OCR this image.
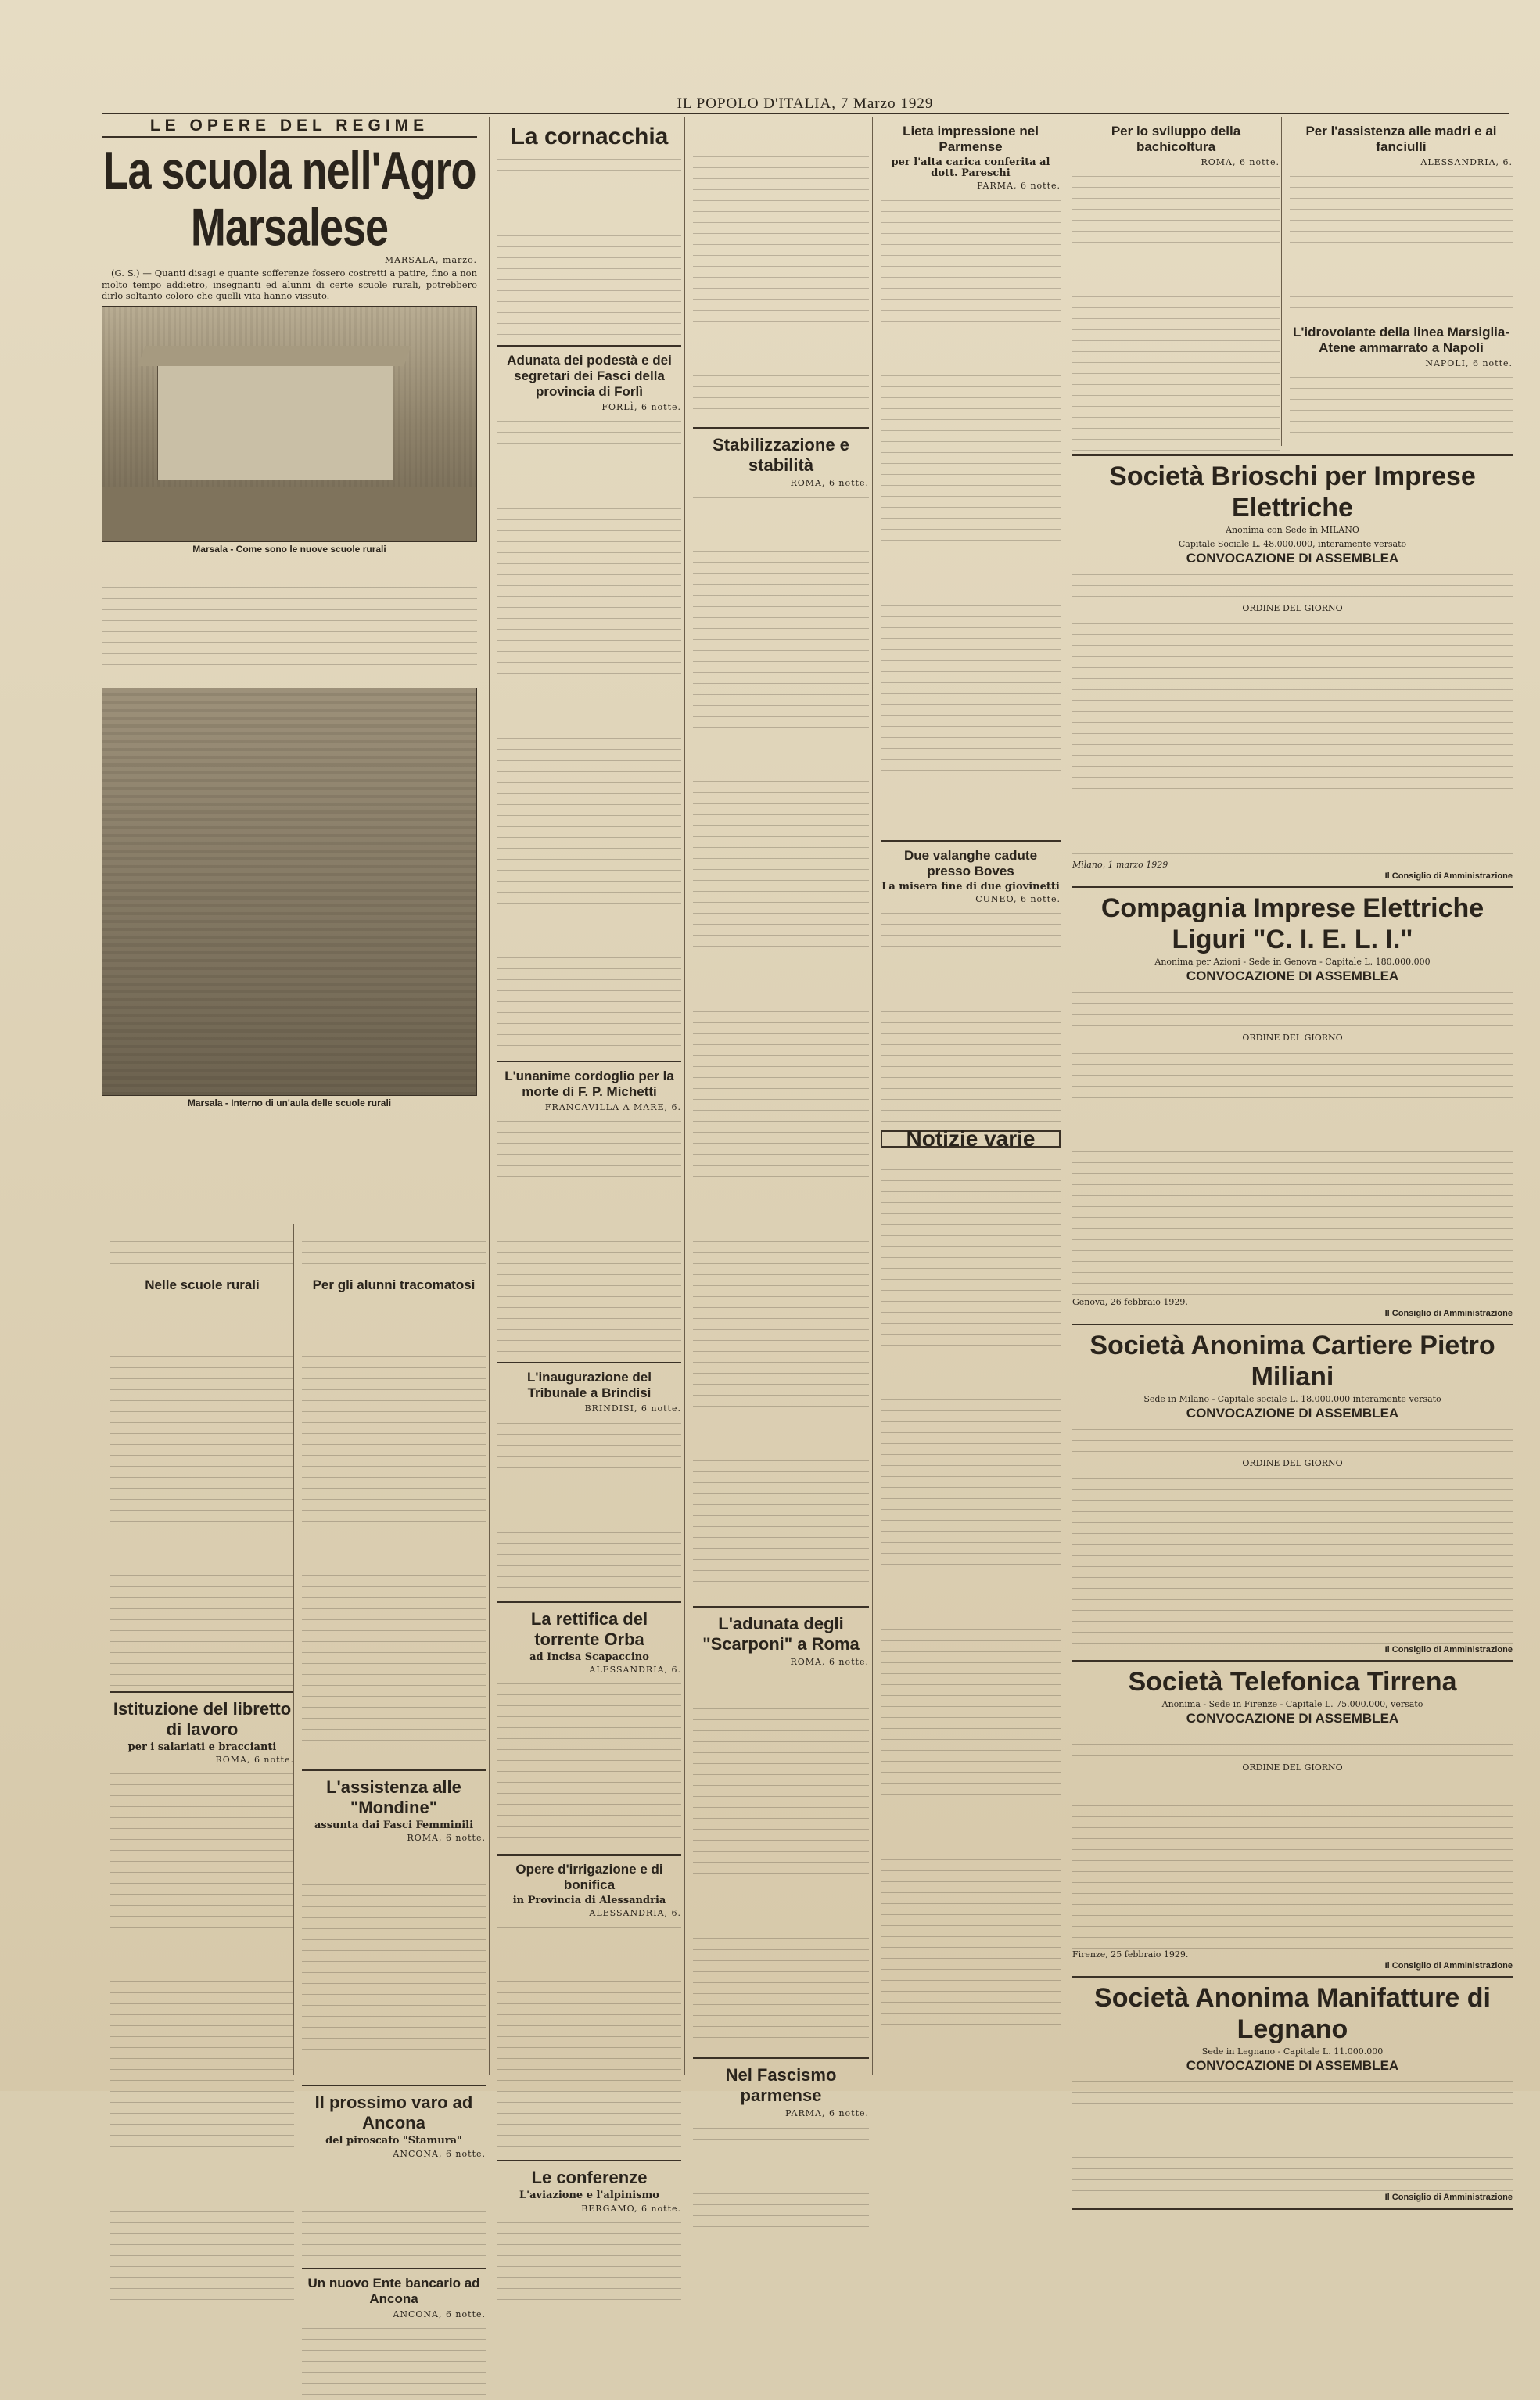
IL POPOLO D'ITALIA, 7 Marzo 1929
LE OPERE DEL REGIME
La scuola nell'Agro Marsalese
MARSALA, marzo.

(G. S.) — Quanti disagi e quante sofferenze fossero costretti a patire, fino a non molto tempo addietro, insegnanti ed alunni di certe scuole rurali, potrebbero dirlo soltanto coloro che quelli vita hanno vissuto.

Marsala - Come sono le nuove scuole rurali
Marsala - Interno di un'aula delle scuole rurali
Nelle scuole rurali
Istituzione del libretto di lavoro
per i salariati e braccianti
ROMA, 6 notte.
Per gli alunni tracomatosi
L'assistenza alle "Mondine"
assunta dai Fasci Femminili
ROMA, 6 notte.
Il prossimo varo ad Ancona
del piroscafo "Stamura"
ANCONA, 6 notte.
Un nuovo Ente bancario ad Ancona
ANCONA, 6 notte.
La cornacchia
Adunata dei podestà e dei segretari dei Fasci della provincia di Forlì
FORLÌ, 6 notte.
L'unanime cordoglio per la morte di F. P. Michetti
FRANCAVILLA A MARE, 6.
L'inaugurazione del Tribunale a Brindisi
BRINDISI, 6 notte.
La rettifica del torrente Orba
ad Incisa Scapaccino
ALESSANDRIA, 6.
Opere d'irrigazione e di bonifica
in Provincia di Alessandria
ALESSANDRIA, 6.
Le conferenze
L'aviazione e l'alpinismo
BERGAMO, 6 notte.
Stabilizzazione e stabilità
ROMA, 6 notte.
L'adunata degli "Scarponi" a Roma
ROMA, 6 notte.
Nel Fascismo parmense
PARMA, 6 notte.
Lieta impressione nel Parmense
per l'alta carica conferita al dott. Pareschi
PARMA, 6 notte.
Due valanghe cadute presso Boves
La misera fine di due giovinetti
CUNEO, 6 notte.
Notizie varie
Per lo sviluppo della bachicoltura
ROMA, 6 notte.
Per l'assistenza alle madri e ai fanciulli
ALESSANDRIA, 6.
L'idrovolante della linea Marsiglia-Atene ammarrato a Napoli
NAPOLI, 6 notte.
Società Brioschi per Imprese Elettriche
Anonima con Sede in MILANO
Capitale Sociale L. 48.000.000, interamente versato
CONVOCAZIONE DI ASSEMBLEA
ORDINE DEL GIORNO
Milano, 1 marzo 1929
Il Consiglio di Amministrazione
Compagnia Imprese Elettriche Liguri "C. I. E. L. I."
Anonima per Azioni - Sede in Genova - Capitale L. 180.000.000
CONVOCAZIONE DI ASSEMBLEA
ORDINE DEL GIORNO
Genova, 26 febbraio 1929.
Il Consiglio di Amministrazione
Società Anonima Cartiere Pietro Miliani
Sede in Milano - Capitale sociale L. 18.000.000 interamente versato
CONVOCAZIONE DI ASSEMBLEA
ORDINE DEL GIORNO
Il Consiglio di Amministrazione
Società Telefonica Tirrena
Anonima - Sede in Firenze - Capitale L. 75.000.000, versato
CONVOCAZIONE DI ASSEMBLEA
ORDINE DEL GIORNO
Firenze, 25 febbraio 1929.
Il Consiglio di Amministrazione
Società Anonima Manifatture di Legnano
Sede in Legnano - Capitale L. 11.000.000
CONVOCAZIONE DI ASSEMBLEA
Il Consiglio di Amministrazione
